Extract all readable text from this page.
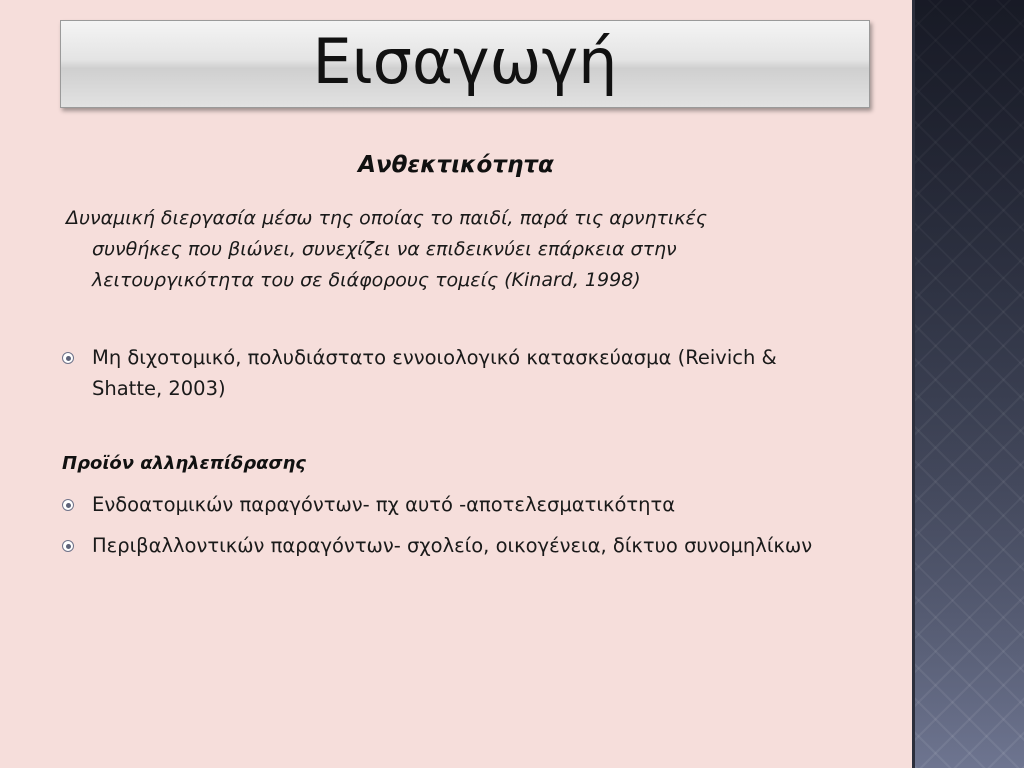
Εισαγωγή
Ανθεκτικότητα
Δυναμική διεργασία μέσω της οποίας το παιδί, παρά τις αρνητικές συνθήκες που βιώνει, συνεχίζει να επιδεικνύει επάρκεια στην λειτουργικότητα του σε διάφορους τομείς (Kinard, 1998)
Μη διχοτομικό, πολυδιάστατο εννοιολογικό κατασκεύασμα (Reivich & Shatte, 2003)
Προϊόν αλληλεπίδρασης
Ενδοατομικών παραγόντων- πχ αυτό -αποτελεσματικότητα
Περιβαλλοντικών παραγόντων- σχολείο, οικογένεια, δίκτυο συνομηλίκων
